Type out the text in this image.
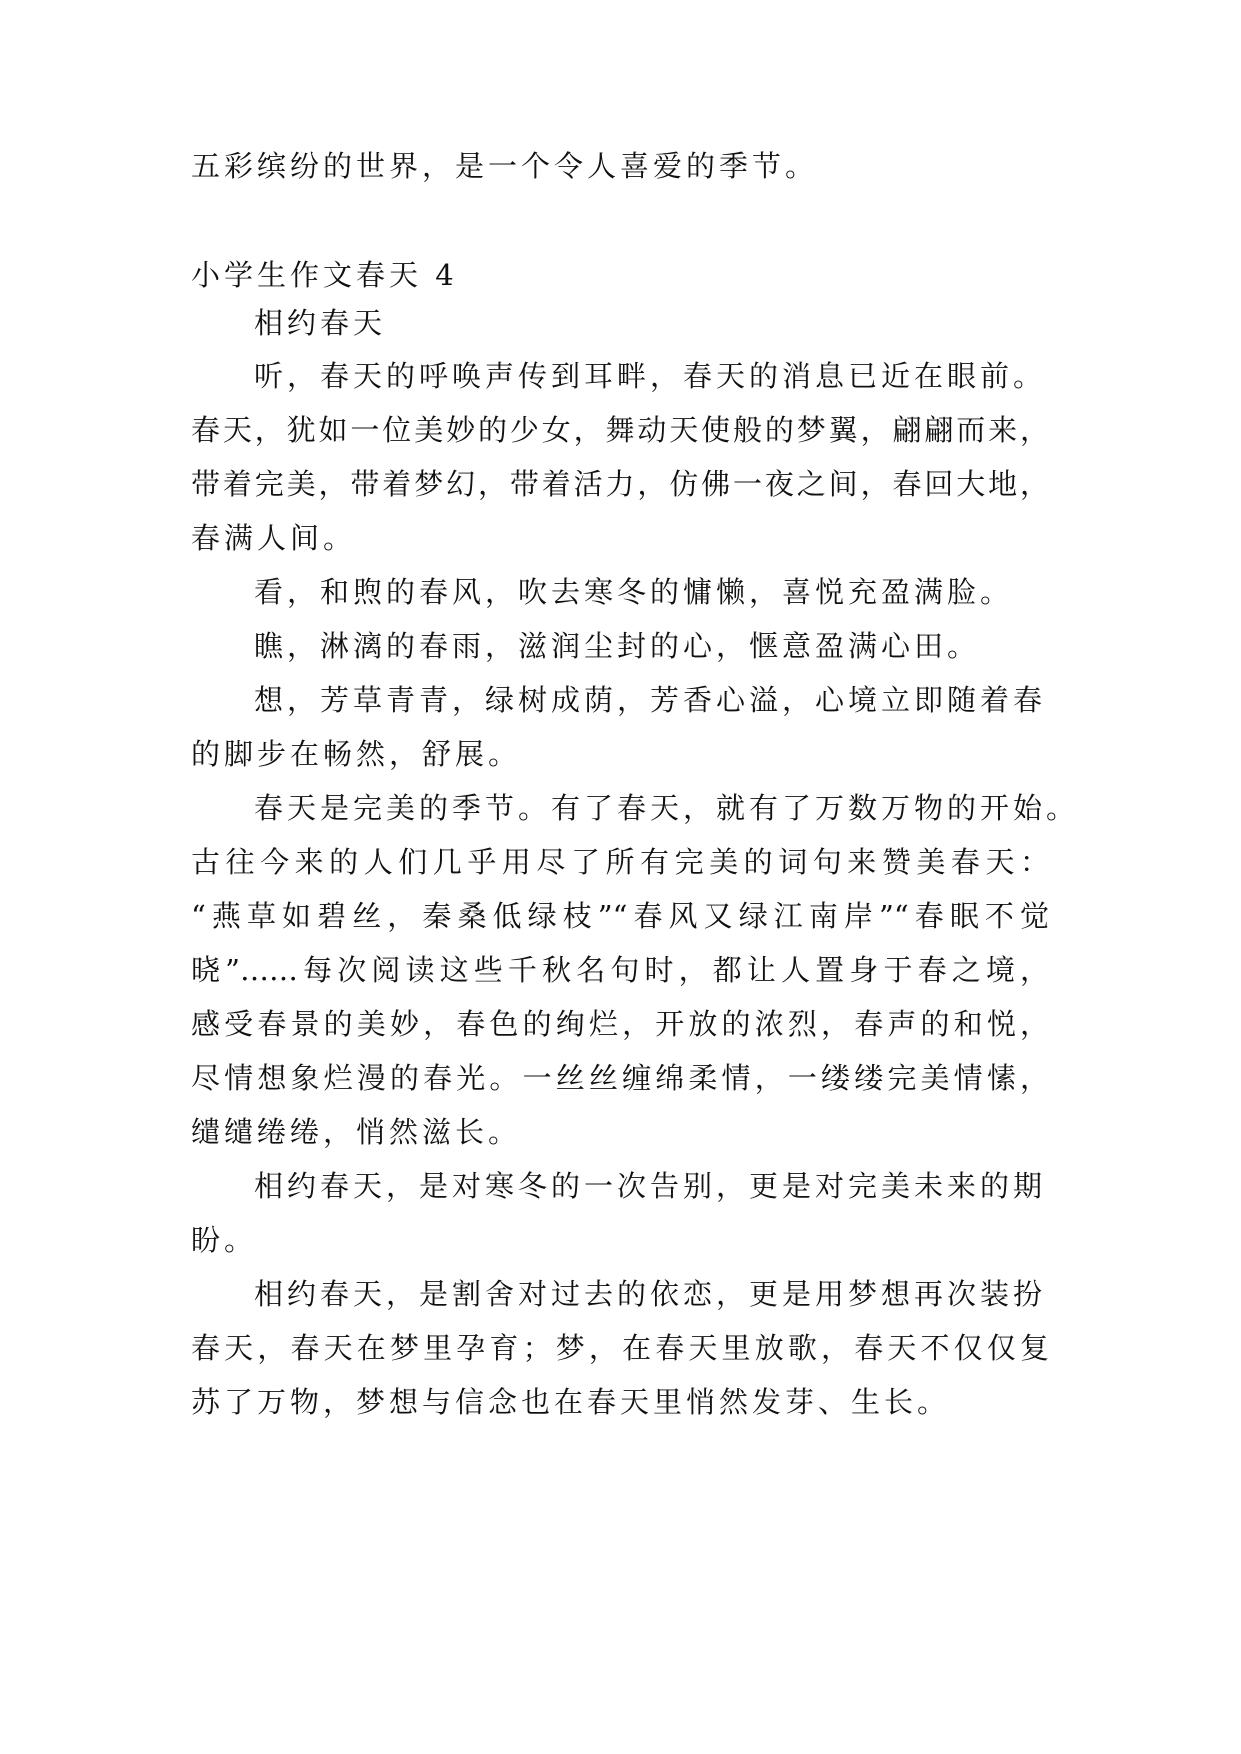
五彩缤纷的世界，是一个令人喜爱的季节。
小学生作文春天 4
相约春天
听，春天的呼唤声传到耳畔，春天的消息已近在眼前。
春天，犹如一位美妙的少女，舞动天使般的梦翼，翩翩而来，
带着完美，带着梦幻，带着活力，仿佛一夜之间，春回大地，
春满人间。
看，和煦的春风，吹去寒冬的慵懒，喜悦充盈满脸。
瞧，淋漓的春雨，滋润尘封的心，惬意盈满心田。
想，芳草青青，绿树成荫，芳香心溢，心境立即随着春
的脚步在畅然，舒展。
春天是完美的季节。有了春天，就有了万数万物的开始。
古往今来的人们几乎用尽了所有完美的词句来赞美春天：
“燕草如碧丝，秦桑低绿枝”“春风又绿江南岸”“春眠不觉
晓”……每次阅读这些千秋名句时，都让人置身于春之境，
感受春景的美妙，春色的绚烂，开放的浓烈，春声的和悦，
尽情想象烂漫的春光。一丝丝缠绵柔情，一缕缕完美情愫，
缱缱绻绻，悄然滋长。
相约春天，是对寒冬的一次告别，更是对完美未来的期
盼。
相约春天，是割舍对过去的依恋，更是用梦想再次装扮
春天，春天在梦里孕育；梦，在春天里放歌，春天不仅仅复
苏了万物，梦想与信念也在春天里悄然发芽、生长。
